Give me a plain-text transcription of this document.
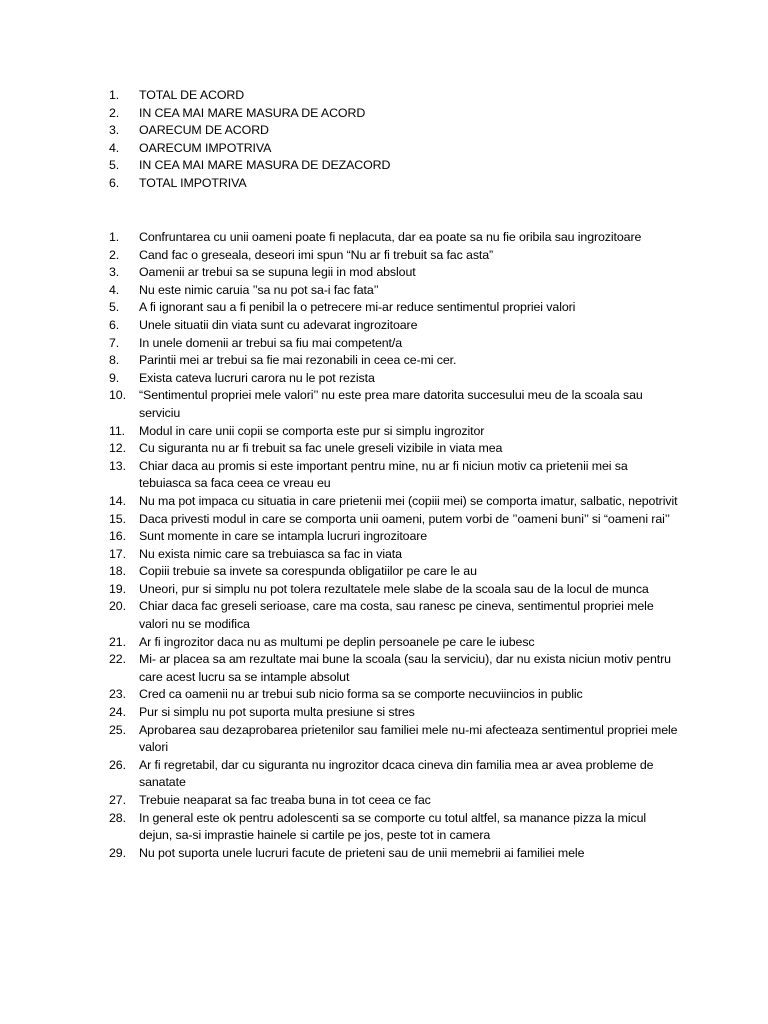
1.	TOTAL DE ACORD
2.	IN CEA MAI MARE MASURA DE ACORD
3.	OARECUM DE ACORD
4.	OARECUM IMPOTRIVA
5.	IN CEA MAI MARE MASURA DE DEZACORD
6.	TOTAL IMPOTRIVA
1.	Confruntarea cu unii oameni poate fi neplacuta, dar ea poate sa nu fie oribila sau ingrozitoare
2.	Cand fac o greseala, deseori imi spun “Nu ar fi trebuit sa fac asta”
3.	Oamenii ar trebui sa se supuna legii in mod abslout
4.	Nu este nimic caruia ’’sa nu pot sa-i fac fata’’
5.	A fi ignorant sau a fi penibil la o petrecere mi-ar reduce sentimentul propriei valori
6.	Unele situatii din viata sunt cu adevarat ingrozitoare
7.	In unele domenii ar trebui sa fiu mai competent/a
8.	Parintii mei ar trebui sa fie mai rezonabili in ceea ce-mi cer.
9.	Exista cateva lucruri carora nu le pot rezista
10.	“Sentimentul propriei mele valori’’ nu este prea mare datorita succesului meu de la scoala sau serviciu
11.	Modul in care unii copii se comporta este pur si simplu ingrozitor
12.	Cu siguranta nu ar fi trebuit sa fac unele greseli vizibile in viata mea
13.	Chiar daca au promis si este important pentru mine, nu ar fi niciun motiv ca prietenii mei sa tebuiasca sa faca ceea ce vreau eu
14.	Nu ma pot impaca cu situatia in care prietenii mei (copiii mei) se comporta imatur, salbatic, nepotrivit
15.	Daca privesti modul in care se comporta unii oameni, putem vorbi de ’’oameni buni’’ si “oameni rai’’
16.	Sunt momente in care se intampla lucruri ingrozitoare
17.	Nu exista nimic care sa trebuiasca sa fac in viata
18.	Copiii trebuie sa invete sa corespunda obligatiilor pe care le au
19.	Uneori, pur si simplu nu pot tolera rezultatele mele slabe de la scoala sau de la locul de munca
20.	Chiar daca fac greseli serioase, care ma costa, sau ranesc pe cineva, sentimentul propriei mele valori nu se modifica
21.	Ar fi ingrozitor daca nu as multumi pe deplin persoanele pe care le iubesc
22.	Mi- ar placea sa am rezultate mai bune la scoala (sau la serviciu), dar nu exista niciun motiv pentru care acest lucru sa se intample absolut
23.	Cred ca oamenii nu ar trebui sub nicio forma sa se comporte necuviincios in public
24.	Pur si simplu nu pot suporta multa presiune si stres
25.	Aprobarea sau dezaprobarea prietenilor sau familiei mele nu-mi afecteaza sentimentul propriei mele valori
26.	Ar fi regretabil, dar cu siguranta nu ingrozitor dcaca cineva din familia mea ar avea probleme de sanatate
27.	Trebuie neaparat sa fac treaba buna in tot ceea ce fac
28.	In general este ok pentru adolescenti sa se comporte cu totul altfel, sa manance pizza la micul dejun, sa-si imprastie hainele si cartile pe jos, peste tot in camera
29.	Nu pot suporta unele lucruri facute de prieteni sau de unii memebrii ai familiei mele
